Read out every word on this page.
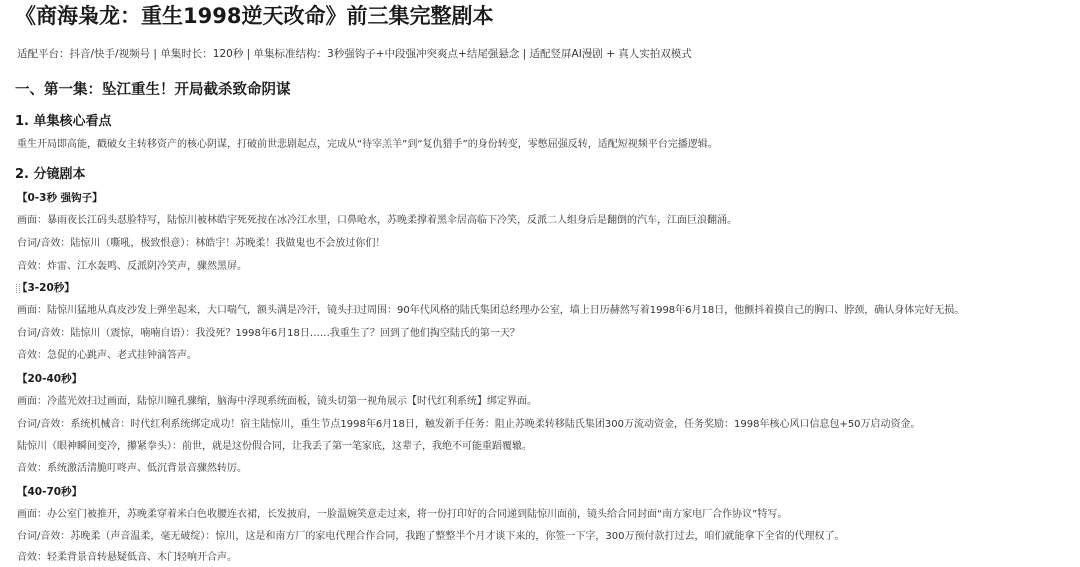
《商海枭龙：重生1998逆天改命》前三集完整剧本
适配平台：抖音/快手/视频号 | 单集时长：120秒 | 单集标准结构：3秒强钩子+中段强冲突爽点+结尾强悬念 | 适配竖屏AI漫剧 + 真人实拍双模式
一、第一集：坠江重生！开局截杀致命阴谋
1. 单集核心看点
重生开局即高能，戳破女主转移资产的核心阴谋，打破前世悲剧起点，完成从“待宰羔羊”到“复仇猎手”的身份转变，零憋屈强反转，适配短视频平台完播逻辑。
2. 分镜剧本
【0-3秒 强钩子】
画面：暴雨夜长江码头怼脸特写，陆惊川被林皓宇死死按在冰冷江水里，口鼻呛水，苏晚柔撑着黑伞居高临下冷笑，反派二人组身后是翻倒的汽车，江面巨浪翻涌。
台词/音效：陆惊川（嘶吼，极致恨意）：林皓宇！苏晚柔！我做鬼也不会放过你们！
音效：炸雷、江水轰鸣、反派阴冷笑声，骤然黑屏。
【3-20秒】
画面：陆惊川猛地从真皮沙发上弹坐起来，大口喘气，额头满是冷汗，镜头扫过周围：90年代风格的陆氏集团总经理办公室，墙上日历赫然写着1998年6月18日，他颤抖着摸自己的胸口、脖颈，确认身体完好无损。
台词/音效：陆惊川（震惊，喃喃自语）：我没死？1998年6月18日……我重生了？回到了他们掏空陆氏的第一天？
音效：急促的心跳声、老式挂钟滴答声。
【20-40秒】
画面：冷蓝光效扫过画面，陆惊川瞳孔骤缩，脑海中浮现系统面板，镜头切第一视角展示【时代红利系统】绑定界面。
台词/音效：系统机械音：时代红利系统绑定成功！宿主陆惊川，重生节点1998年6月18日，触发新手任务：阻止苏晚柔转移陆氏集团300万流动资金，任务奖励：1998年核心风口信息包+50万启动资金。
陆惊川（眼神瞬间变冷，攥紧拳头）：前世，就是这份假合同，让我丢了第一笔家底，这辈子，我绝不可能重蹈覆辙。
音效：系统激活清脆叮咚声、低沉背景音骤然转厉。
【40-70秒】
画面：办公室门被推开，苏晚柔穿着米白色收腰连衣裙，长发披肩，一脸温婉笑意走过来，将一份打印好的合同递到陆惊川面前，镜头给合同封面“南方家电厂合作协议”特写。
台词/音效：苏晚柔（声音温柔，毫无破绽）：惊川，这是和南方厂的家电代理合作合同，我跑了整整半个月才谈下来的，你签一下字，300万预付款打过去，咱们就能拿下全省的代理权了。
音效：轻柔背景音转悬疑低音、木门轻响开合声。
